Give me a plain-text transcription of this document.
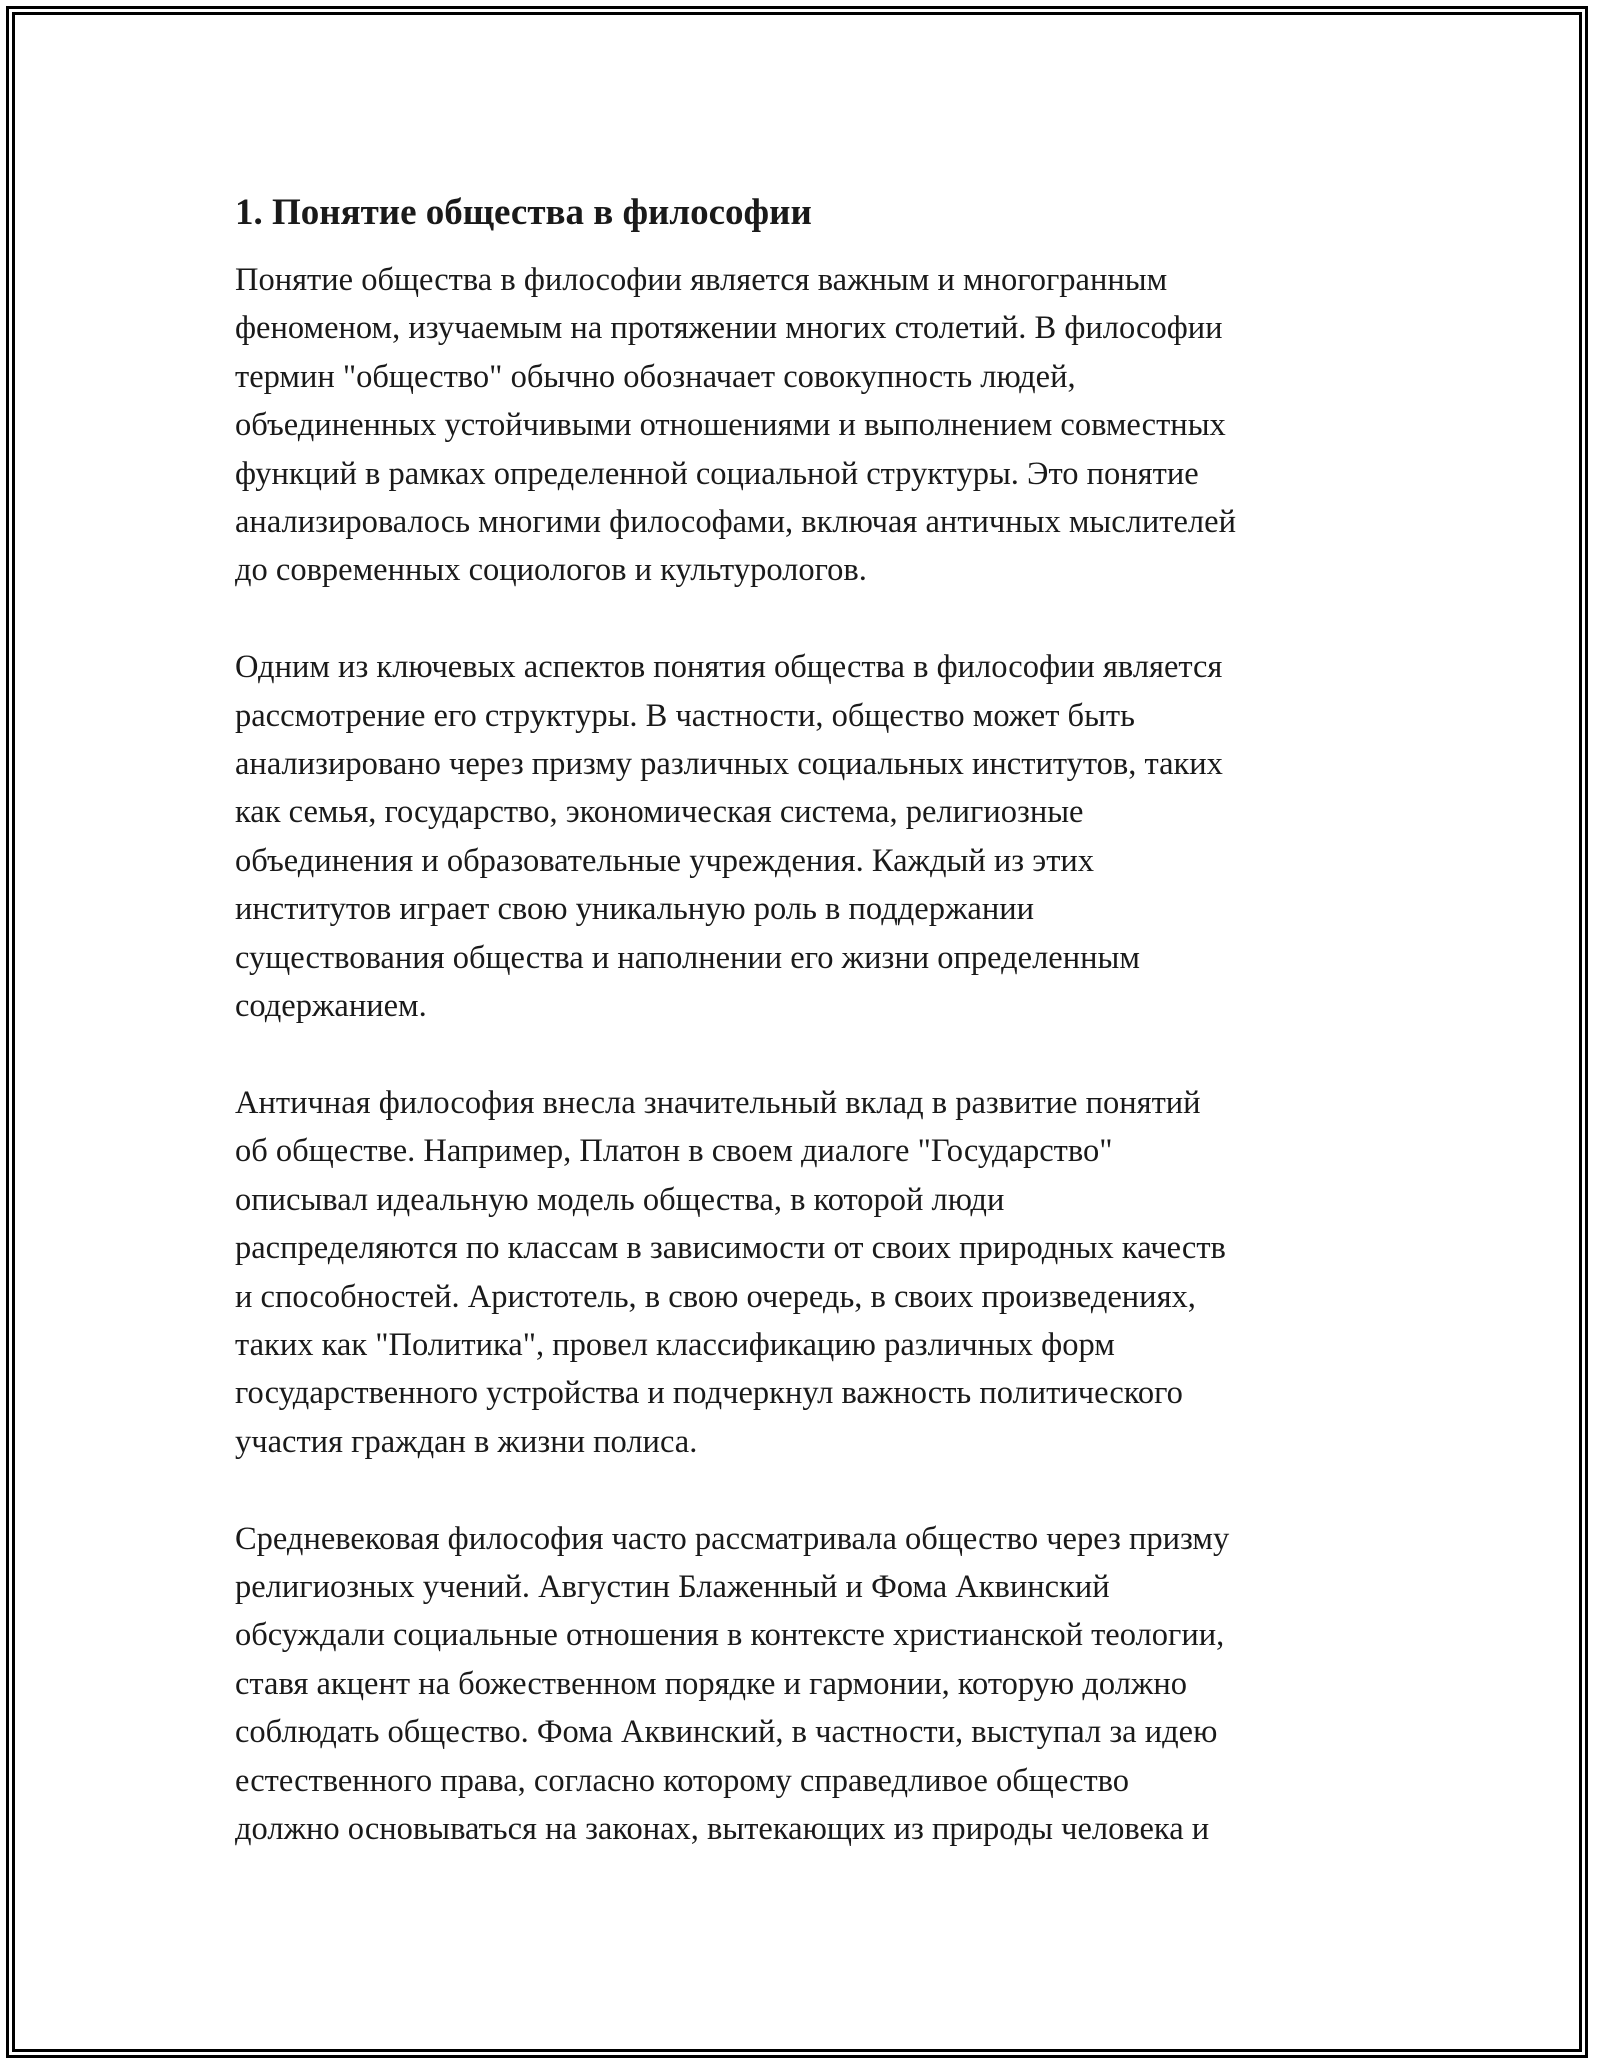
1. Понятие общества в философии
Понятие общества в философии является важным и многогранным
феноменом, изучаемым на протяжении многих столетий. В философии
термин "общество" обычно обозначает совокупность людей,
объединенных устойчивыми отношениями и выполнением совместных
функций в рамках определенной социальной структуры. Это понятие
анализировалось многими философами, включая античных мыслителей
до современных социологов и культурологов.
Одним из ключевых аспектов понятия общества в философии является
рассмотрение его структуры. В частности, общество может быть
анализировано через призму различных социальных институтов, таких
как семья, государство, экономическая система, религиозные
объединения и образовательные учреждения. Каждый из этих
институтов играет свою уникальную роль в поддержании
существования общества и наполнении его жизни определенным
содержанием.
Античная философия внесла значительный вклад в развитие понятий
об обществе. Например, Платон в своем диалоге "Государство"
описывал идеальную модель общества, в которой люди
распределяются по классам в зависимости от своих природных качеств
и способностей. Аристотель, в свою очередь, в своих произведениях,
таких как "Политика", провел классификацию различных форм
государственного устройства и подчеркнул важность политического
участия граждан в жизни полиса.
Средневековая философия часто рассматривала общество через призму
религиозных учений. Августин Блаженный и Фома Аквинский
обсуждали социальные отношения в контексте христианской теологии,
ставя акцент на божественном порядке и гармонии, которую должно
соблюдать общество. Фома Аквинский, в частности, выступал за идею
естественного права, согласно которому справедливое общество
должно основываться на законах, вытекающих из природы человека и
